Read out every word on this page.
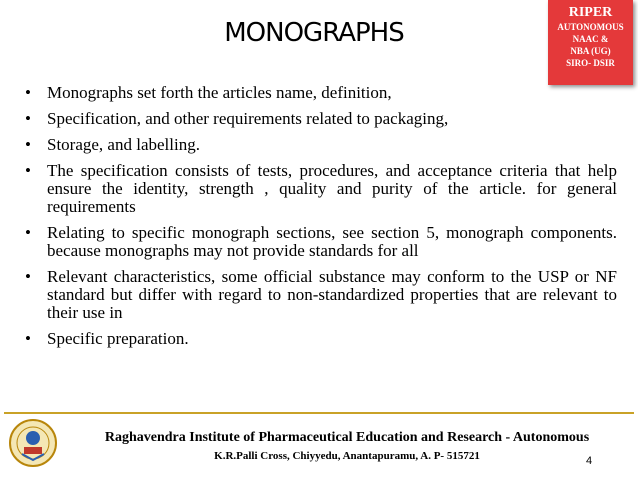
MONOGRAPHS
RIPER
AUTONOMOUS
NAAC &
NBA (UG)
SIRO- DSIR
• Monographs set forth the articles name, definition,
• Specification, and other requirements related to packaging,
• Storage, and labelling.
• The specification consists of tests, procedures, and acceptance criteria that help ensure the identity, strength , quality and purity of the article. for general requirements
• Relating to specific monograph sections, see section 5, monograph components. because monographs may not provide standards for all
• Relevant characteristics, some official substance may conform to the USP or NF standard but differ with regard to non-standardized properties that are relevant to their use in
• Specific preparation.
Raghavendra Institute of Pharmaceutical Education and Research - Autonomous
K.R.Palli Cross, Chiyyedu, Anantapuramu, A. P- 515721	4
